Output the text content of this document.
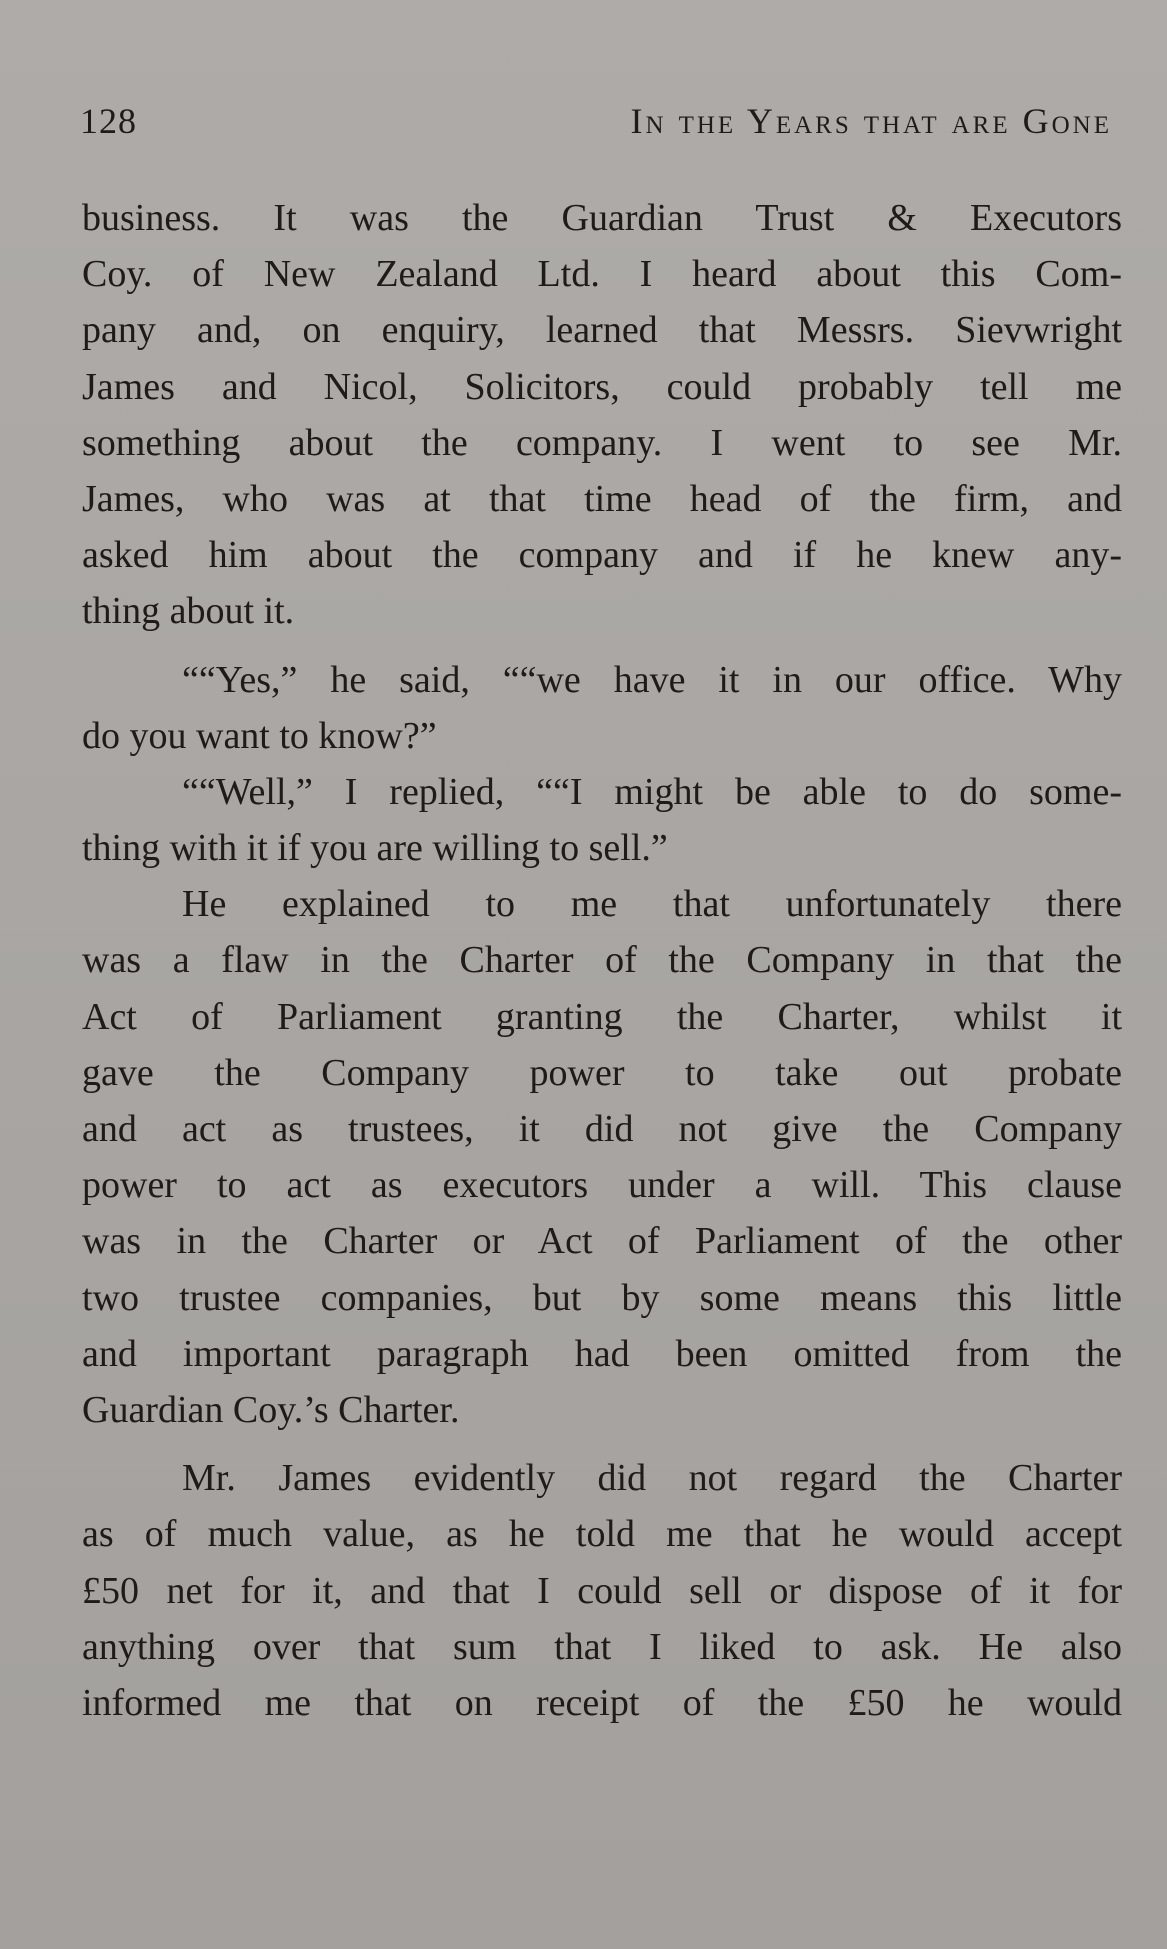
128	In the Years that are Gone
business. It was the Guardian Trust & Executors
Coy. of New Zealand Ltd. I heard about this Com-
pany and, on enquiry, learned that Messrs. Sievwright
James and Nicol, Solicitors, could probably tell me
something about the company. I went to see Mr.
James, who was at that time head of the firm, and
asked him about the company and if he knew any-
thing about it.
““Yes,” he said, ““we have it in our office. Why
do you want to know?”
““Well,” I replied, ““I might be able to do some-
thing with it if you are willing to sell.”
He explained to me that unfortunately there
was a flaw in the Charter of the Company in that the
Act of Parliament granting the Charter, whilst it
gave the Company power to take out probate
and act as trustees, it did not give the Company
power to act as executors under a will. This clause
was in the Charter or Act of Parliament of the other
two trustee companies, but by some means this little
and important paragraph had been omitted from the
Guardian Coy.’s Charter.
Mr. James evidently did not regard the Charter
as of much value, as he told me that he would accept
£50 net for it, and that I could sell or dispose of it for
anything over that sum that I liked to ask. He also
informed me that on receipt of the £50 he would
